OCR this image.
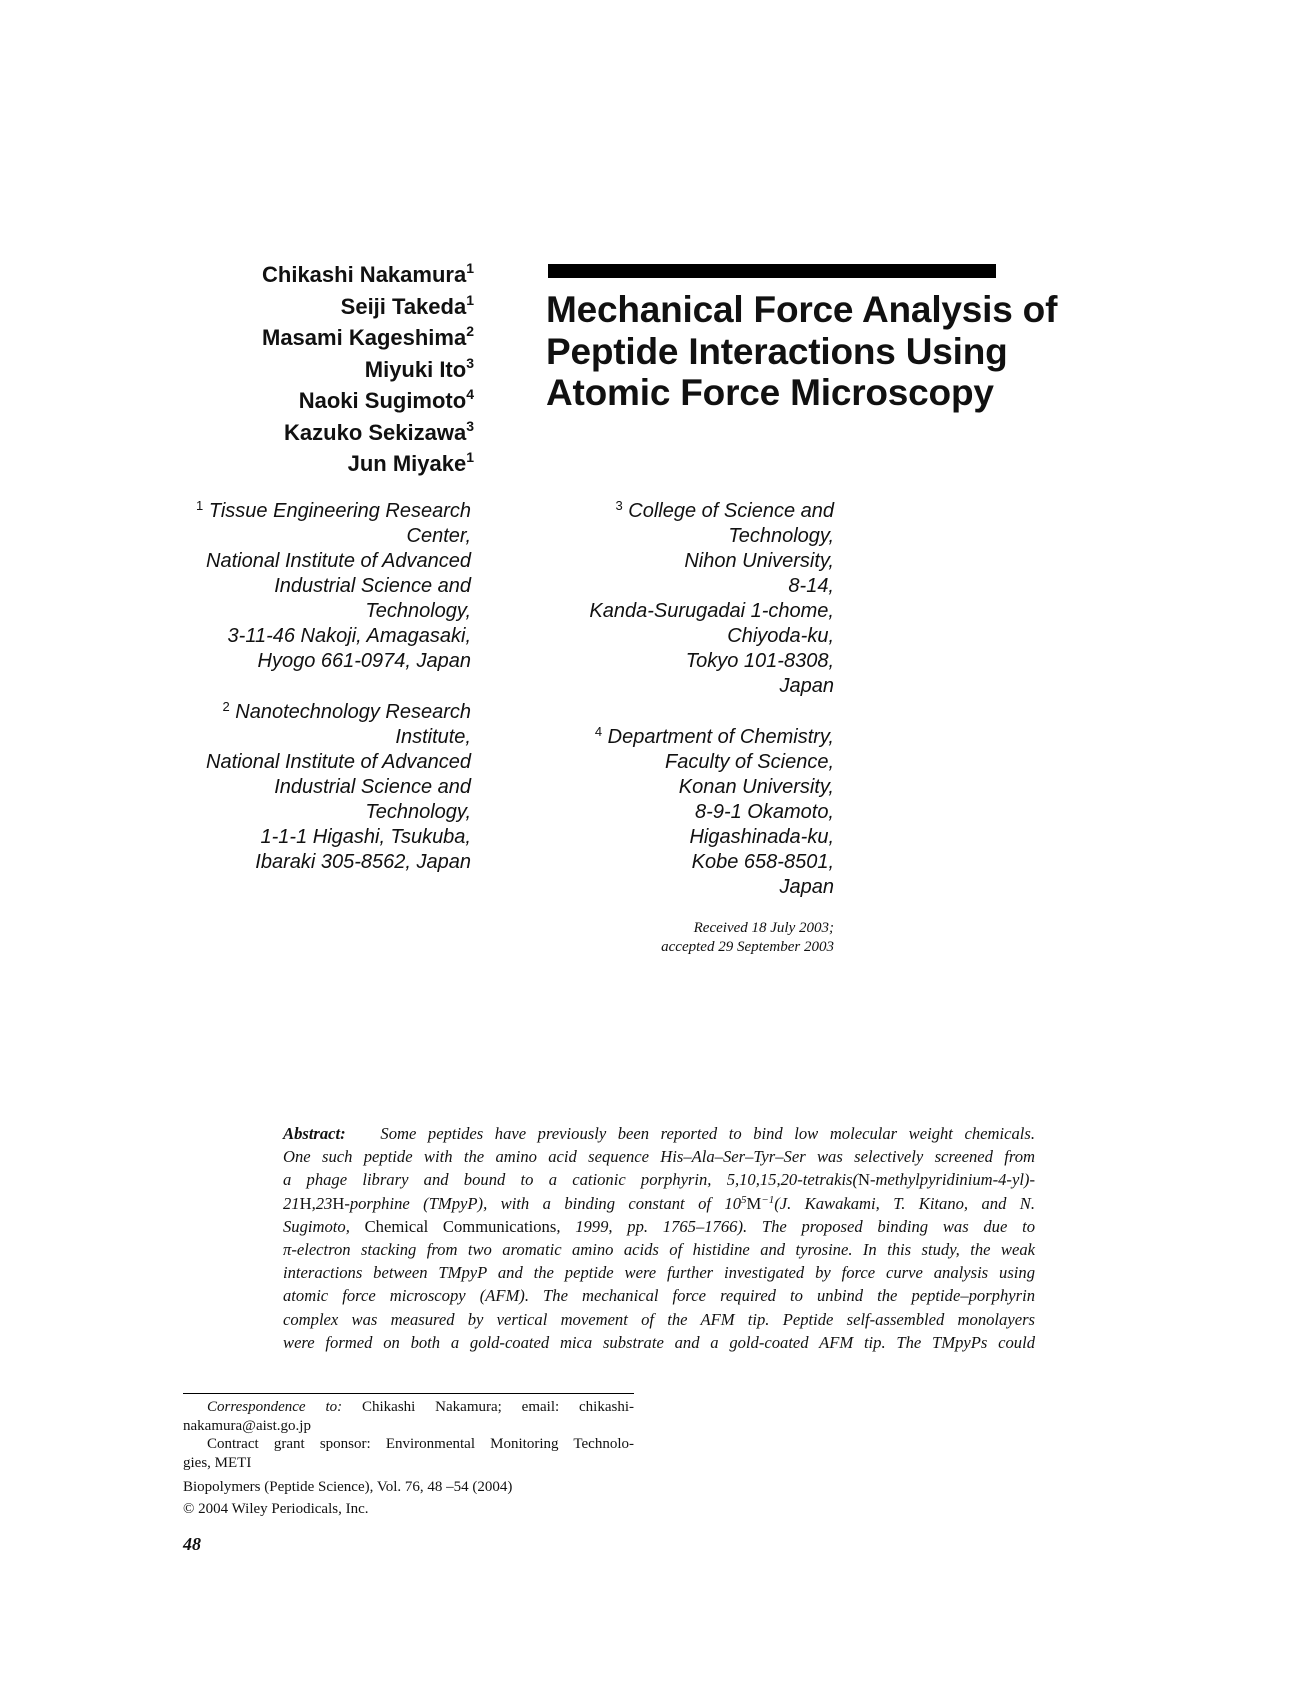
Chikashi Nakamura$^1$
Seiji Takeda$^1$
Masami Kageshima$^2$
Miyuki Ito$^3$
Naoki Sugimoto$^4$
Kazuko Sekizawa$^3$
Jun Miyake$^1$
Mechanical Force Analysis of
Peptide Interactions Using
Atomic Force Microscopy
$^1$ Tissue Engineering Research
Center,
National Institute of Advanced
Industrial Science and
Technology,
3-11-46 Nakoji, Amagasaki,
Hyogo 661-0974, Japan
$^2$ Nanotechnology Research
Institute,
National Institute of Advanced
Industrial Science and
Technology,
1-1-1 Higashi, Tsukuba,
Ibaraki 305-8562, Japan
$^3$ College of Science and
Technology,
Nihon University,
8-14,
Kanda-Surugadai 1-chome,
Chiyoda-ku,
Tokyo 101-8308,
Japan
$^4$ Department of Chemistry,
Faculty of Science,
Konan University,
8-9-1 Okamoto,
Higashinada-ku,
Kobe 658-8501,
Japan
Received 18 July 2003;
accepted 29 September 2003
Abstract: Some peptides have previously been reported to bind low molecular weight chemicals.
One such peptide with the amino acid sequence His–Ala–Ser–Tyr–Ser was selectively screened from
a phage library and bound to a cationic porphyrin, 5,10,15,20-tetrakis(N-methylpyridinium-4-yl)-
21H,23H-porphine (TMpyP), with a binding constant of $10^5M^{-1}(J$. Kawakami, T. Kitano, and N.
Sugimoto, Chemical Communications, 1999, pp. 1765–1766). The proposed binding was due to
π-electron stacking from two aromatic amino acids of histidine and tyrosine. In this study, the weak
interactions between TMpyP and the peptide were further investigated by force curve analysis using
atomic force microscopy (AFM). The mechanical force required to unbind the peptide–porphyrin
complex was measured by vertical movement of the AFM tip. Peptide self-assembled monolayers
were formed on both a gold-coated mica substrate and a gold-coated AFM tip. The TMpyPs could
Correspondence to: Chikashi Nakamura; email: chikashi-
nakamura@aist.go.jp
Contract grant sponsor: Environmental Monitoring Technolo-
gies, METI
Biopolymers (Peptide Science), Vol. 76, 48 –54 (2004)
© 2004 Wiley Periodicals, Inc.
48
